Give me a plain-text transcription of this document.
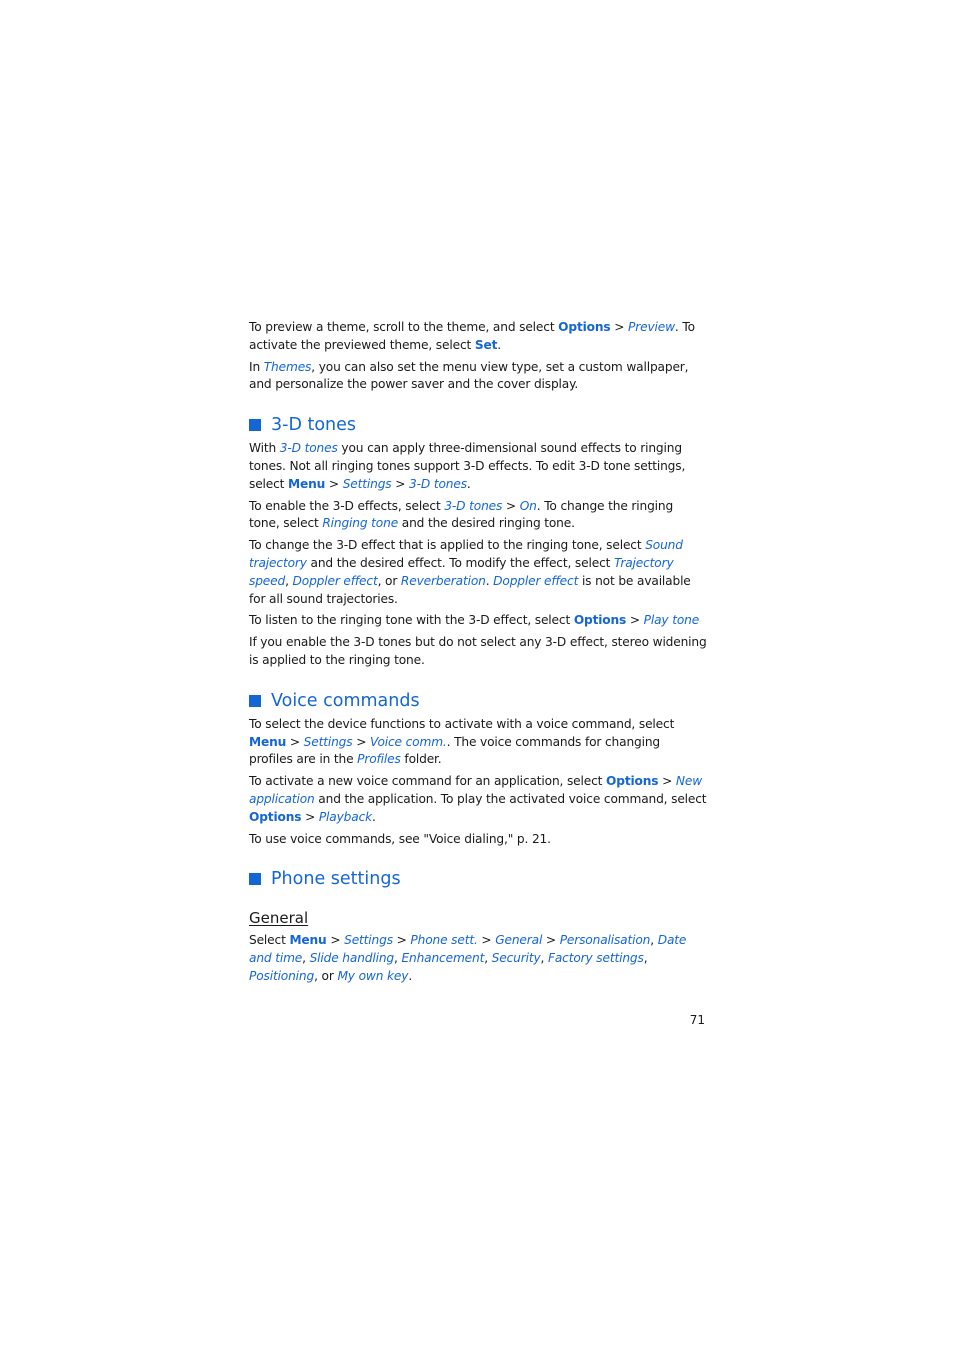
To preview a theme, scroll to the theme, and select Options > Preview. To activate the previewed theme, select Set.

In Themes, you can also set the menu view type, set a custom wallpaper, and personalize the power saver and the cover display.

3-D tones

With 3-D tones you can apply three-dimensional sound effects to ringing tones. Not all ringing tones support 3-D effects. To edit 3-D tone settings, select Menu > Settings > 3-D tones.

To enable the 3-D effects, select 3-D tones > On. To change the ringing tone, select Ringing tone and the desired ringing tone.

To change the 3-D effect that is applied to the ringing tone, select Sound trajectory and the desired effect. To modify the effect, select Trajectory speed, Doppler effect, or Reverberation. Doppler effect is not be available for all sound trajectories.

To listen to the ringing tone with the 3-D effect, select Options > Play tone

If you enable the 3-D tones but do not select any 3-D effect, stereo widening is applied to the ringing tone.

Voice commands

To select the device functions to activate with a voice command, select Menu > Settings > Voice comm.. The voice commands for changing profiles are in the Profiles folder.

To activate a new voice command for an application, select Options > New application and the application. To play the activated voice command, select Options > Playback.

To use voice commands, see "Voice dialing," p. 21.

Phone settings
General

Select Menu > Settings > Phone sett. > General > Personalisation, Date and time, Slide handling, Enhancement, Security, Factory settings, Positioning, or My own key.

71
